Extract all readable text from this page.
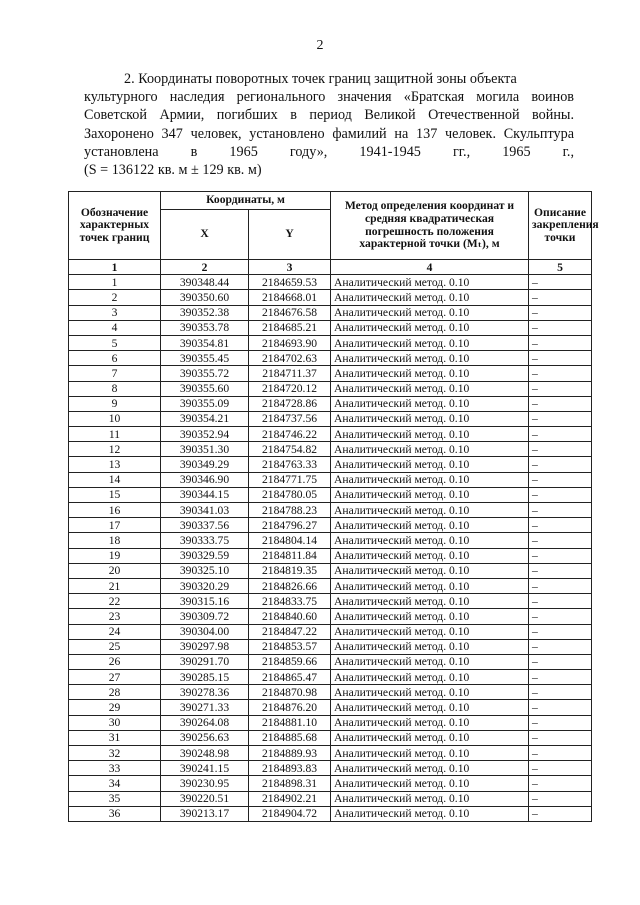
2

2. Координаты поворотных точек границ защитной зоны объекта

культурного наследия регионального значения «Братская могила воинов

Советской Армии, погибших в период Великой Отечественной войны.

Захоронено 347 человек, установлено фамилий на 137 человек. Скульптура

установлена в 1965 году», 1941-1945 гг., 1965 г.,

(S = 136122 кв. м ± 129 кв. м)

Обозначение характерных точек границ	Координаты, м		Метод определения координат и средняя квадратическая погрешность положения характерной точки (Mₜ), м	Описание закрепления точки
	X	Y		
1	2	3	4	5
1	390348.44	2184659.53	Аналитический метод. 0.10	–
2	390350.60	2184668.01	Аналитический метод. 0.10	–
3	390352.38	2184676.58	Аналитический метод. 0.10	–
4	390353.78	2184685.21	Аналитический метод. 0.10	–
5	390354.81	2184693.90	Аналитический метод. 0.10	–
6	390355.45	2184702.63	Аналитический метод. 0.10	–
7	390355.72	2184711.37	Аналитический метод. 0.10	–
8	390355.60	2184720.12	Аналитический метод. 0.10	–
9	390355.09	2184728.86	Аналитический метод. 0.10	–
10	390354.21	2184737.56	Аналитический метод. 0.10	–
11	390352.94	2184746.22	Аналитический метод. 0.10	–
12	390351.30	2184754.82	Аналитический метод. 0.10	–
13	390349.29	2184763.33	Аналитический метод. 0.10	–
14	390346.90	2184771.75	Аналитический метод. 0.10	–
15	390344.15	2184780.05	Аналитический метод. 0.10	–
16	390341.03	2184788.23	Аналитический метод. 0.10	–
17	390337.56	2184796.27	Аналитический метод. 0.10	–
18	390333.75	2184804.14	Аналитический метод. 0.10	–
19	390329.59	2184811.84	Аналитический метод. 0.10	–
20	390325.10	2184819.35	Аналитический метод. 0.10	–
21	390320.29	2184826.66	Аналитический метод. 0.10	–
22	390315.16	2184833.75	Аналитический метод. 0.10	–
23	390309.72	2184840.60	Аналитический метод. 0.10	–
24	390304.00	2184847.22	Аналитический метод. 0.10	–
25	390297.98	2184853.57	Аналитический метод. 0.10	–
26	390291.70	2184859.66	Аналитический метод. 0.10	–
27	390285.15	2184865.47	Аналитический метод. 0.10	–
28	390278.36	2184870.98	Аналитический метод. 0.10	–
29	390271.33	2184876.20	Аналитический метод. 0.10	–
30	390264.08	2184881.10	Аналитический метод. 0.10	–
31	390256.63	2184885.68	Аналитический метод. 0.10	–
32	390248.98	2184889.93	Аналитический метод. 0.10	–
33	390241.15	2184893.83	Аналитический метод. 0.10	–
34	390230.95	2184898.31	Аналитический метод. 0.10	–
35	390220.51	2184902.21	Аналитический метод. 0.10	–
36	390213.17	2184904.72	Аналитический метод. 0.10	–
